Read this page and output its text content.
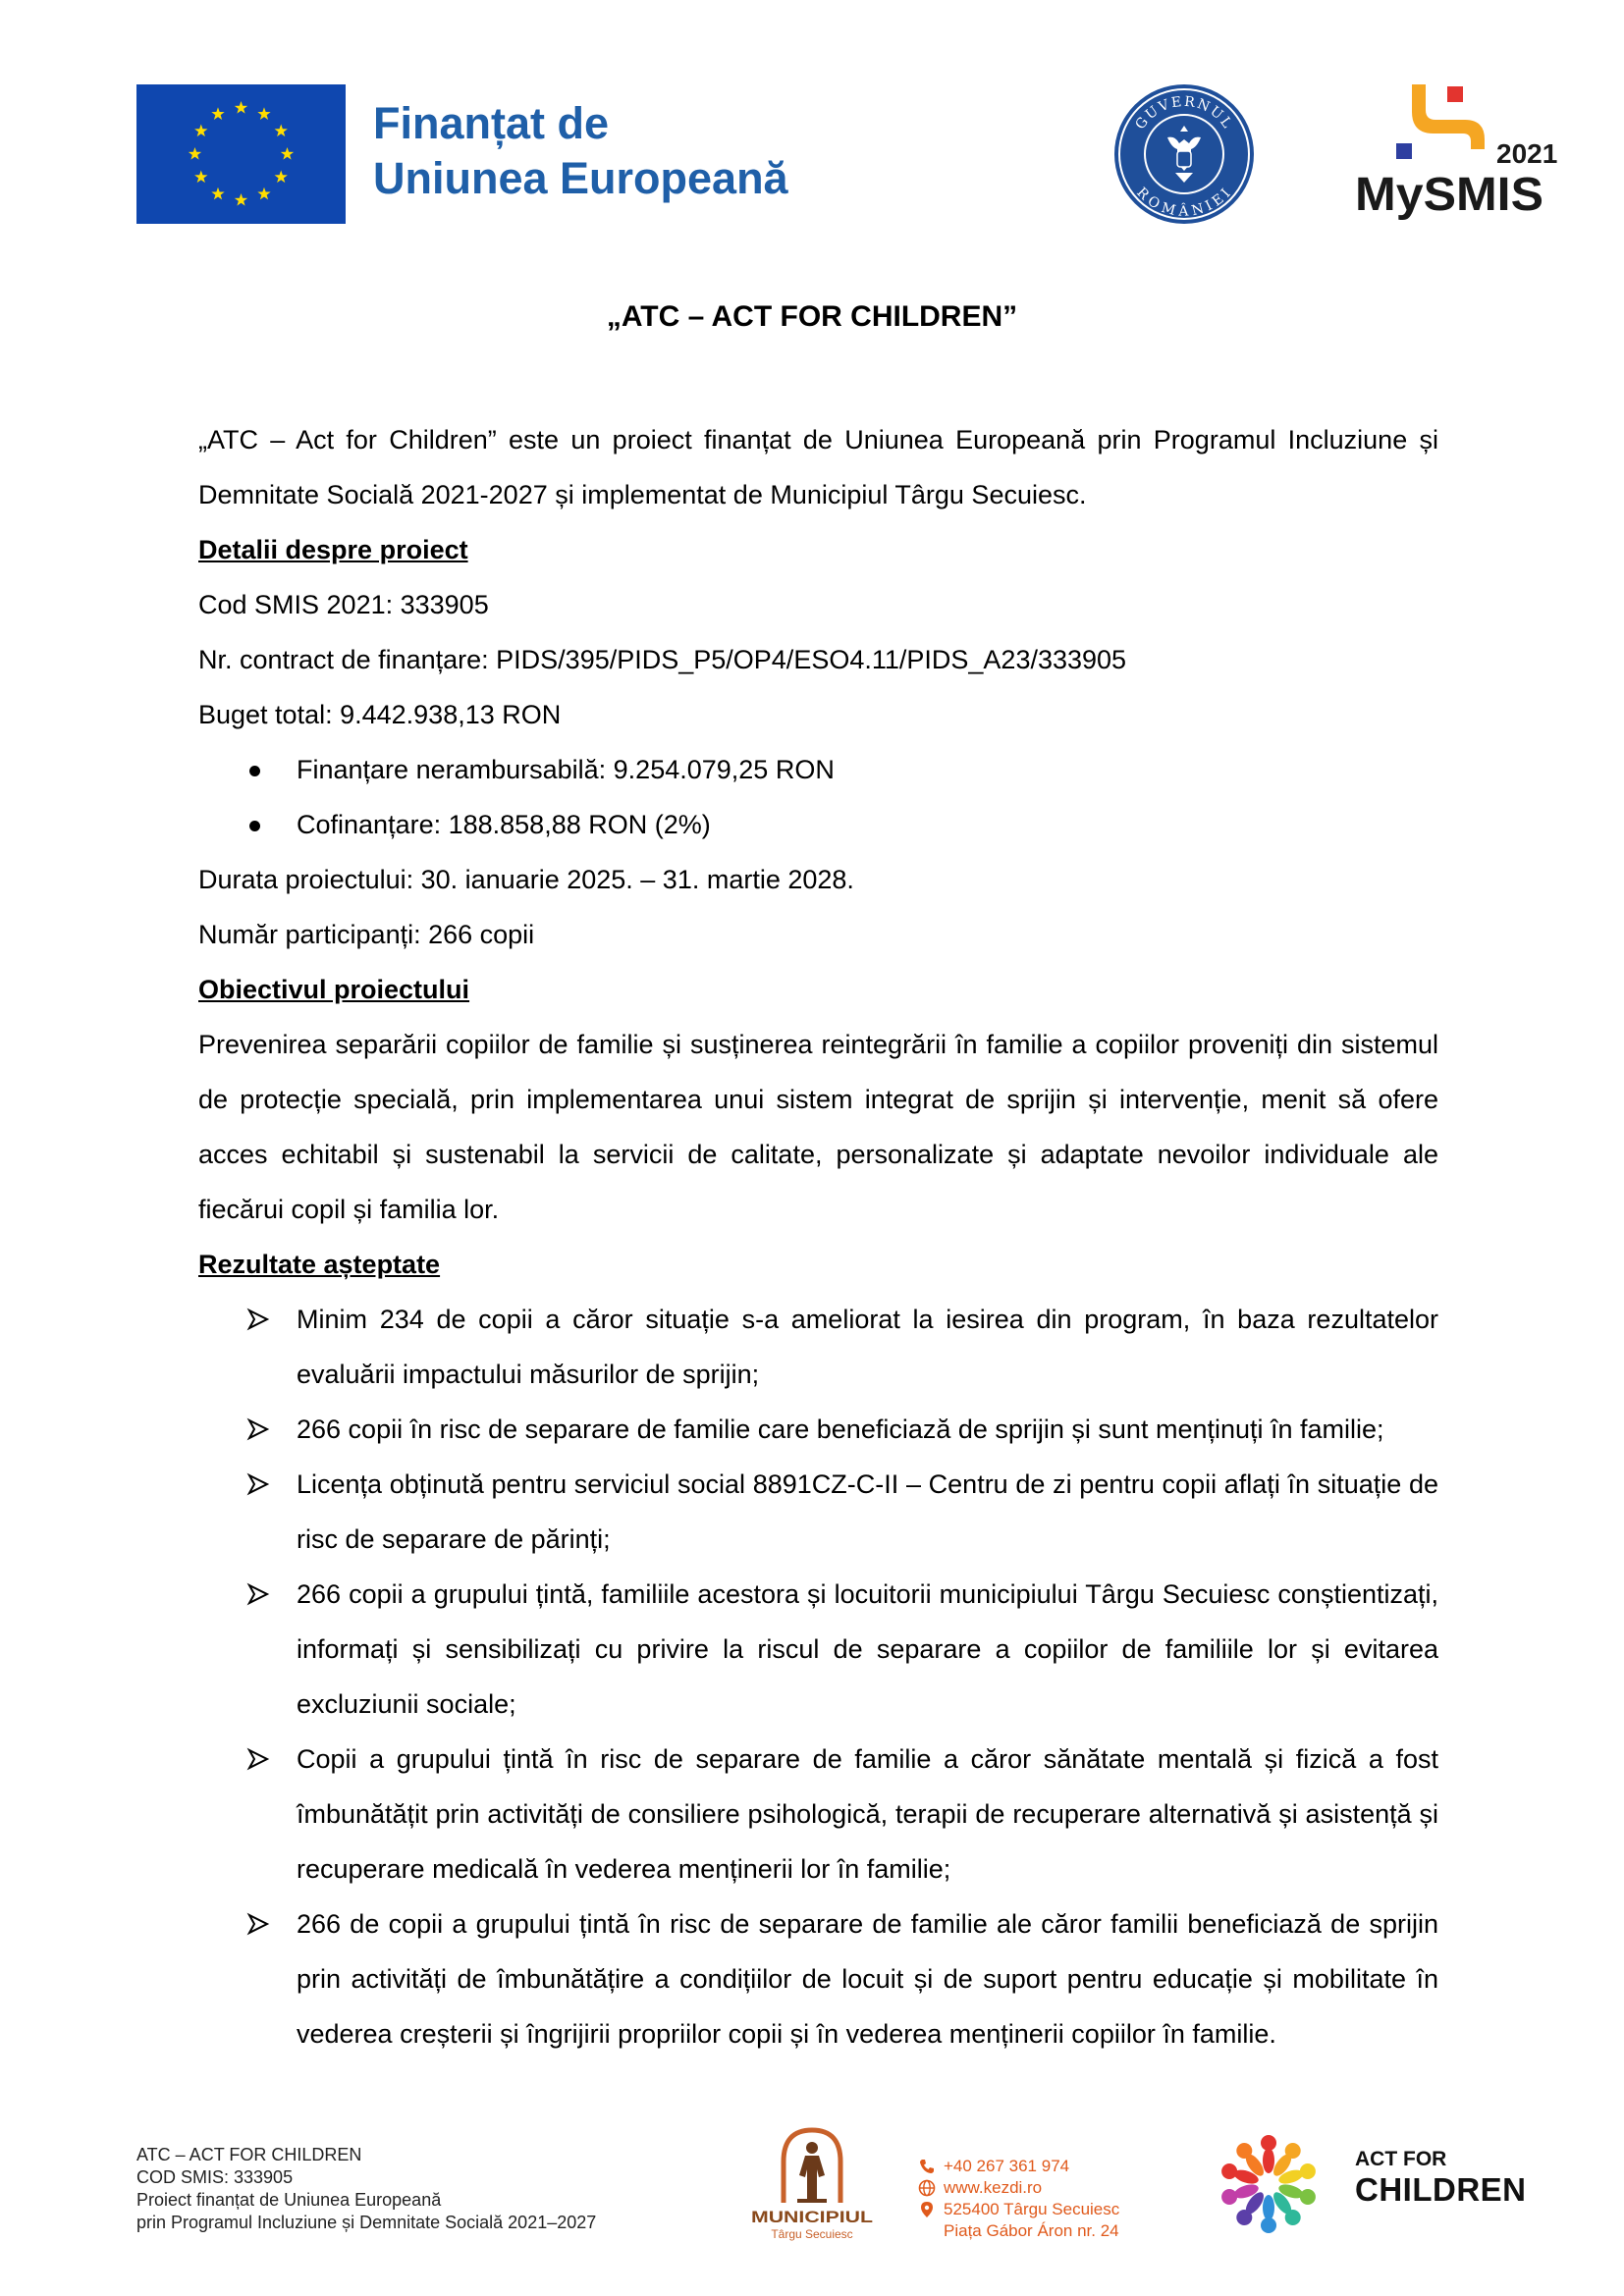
Finanțat de
Uniunea Europeană
GUVERNUL
ROMÂNIEI
2021
MySMIS
„ATC – ACT FOR CHILDREN”

„ATC – Act for Children” este un proiect finanțat de Uniunea Europeană prin Programul Incluziune și Demnitate Socială 2021-2027 și implementat de Municipiul Târgu Secuiesc.

Detalii despre proiect

Cod SMIS 2021: 333905

Nr. contract de finanțare: PIDS/395/PIDS_P5/OP4/ESO4.11/PIDS_A23/333905

Buget total: 9.442.938,13 RON

Finanțare nerambursabilă: 9.254.079,25 RON
Cofinanțare: 188.858,88 RON (2%)

Durata proiectului: 30. ianuarie 2025. – 31. martie 2028.

Număr participanți: 266 copii

Obiectivul proiectului

Prevenirea separării copiilor de familie și susținerea reintegrării în familie a copiilor proveniți din sistemul de protecție specială, prin implementarea unui sistem integrat de sprijin și intervenție, menit să ofere acces echitabil și sustenabil la servicii de calitate, personalizate și adaptate nevoilor individuale ale fiecărui copil și familia lor.

Rezultate așteptate

Minim 234 de copii a căror situație s-a ameliorat la iesirea din program, în baza rezultatelor evaluării impactului măsurilor de sprijin;
266 copii în risc de separare de familie care beneficiază de sprijin și sunt menținuți în familie;
Licența obținută pentru serviciul social 8891CZ-C-II – Centru de zi pentru copii aflați în situație de risc de separare de părinți;
266 copii a grupului țintă, familiile acestora și locuitorii municipiului Târgu Secuiesc conștientizați, informați și sensibilizați cu privire la riscul de separare a copiilor de familiile lor și evitarea excluziunii sociale;
Copii a grupului țintă în risc de separare de familie a căror sănătate mentală și fizică a fost îmbunătățit prin activități de consiliere psihologică, terapii de recuperare alternativă și asistență și recuperare medicală în vederea menținerii lor în familie;
266 de copii a grupului țintă în risc de separare de familie ale căror familii beneficiază de sprijin prin activități de îmbunătățire a condițiilor de locuit și de suport pentru educație și mobilitate în vederea creșterii și îngrijirii propriilor copii și în vederea menținerii copiilor în familie.
ATC – ACT FOR CHILDREN
COD SMIS: 333905
Proiect finanțat de Uniunea Europeană
prin Programul Incluziune și Demnitate Socială 2021–2027	MUNICIPIUL
Târgu Secuiesc
+40 267 361 974
www.kezdi.ro
525400 Târgu Secuiesc
Piața Gábor Áron nr. 24
ACT FOR
CHILDREN
